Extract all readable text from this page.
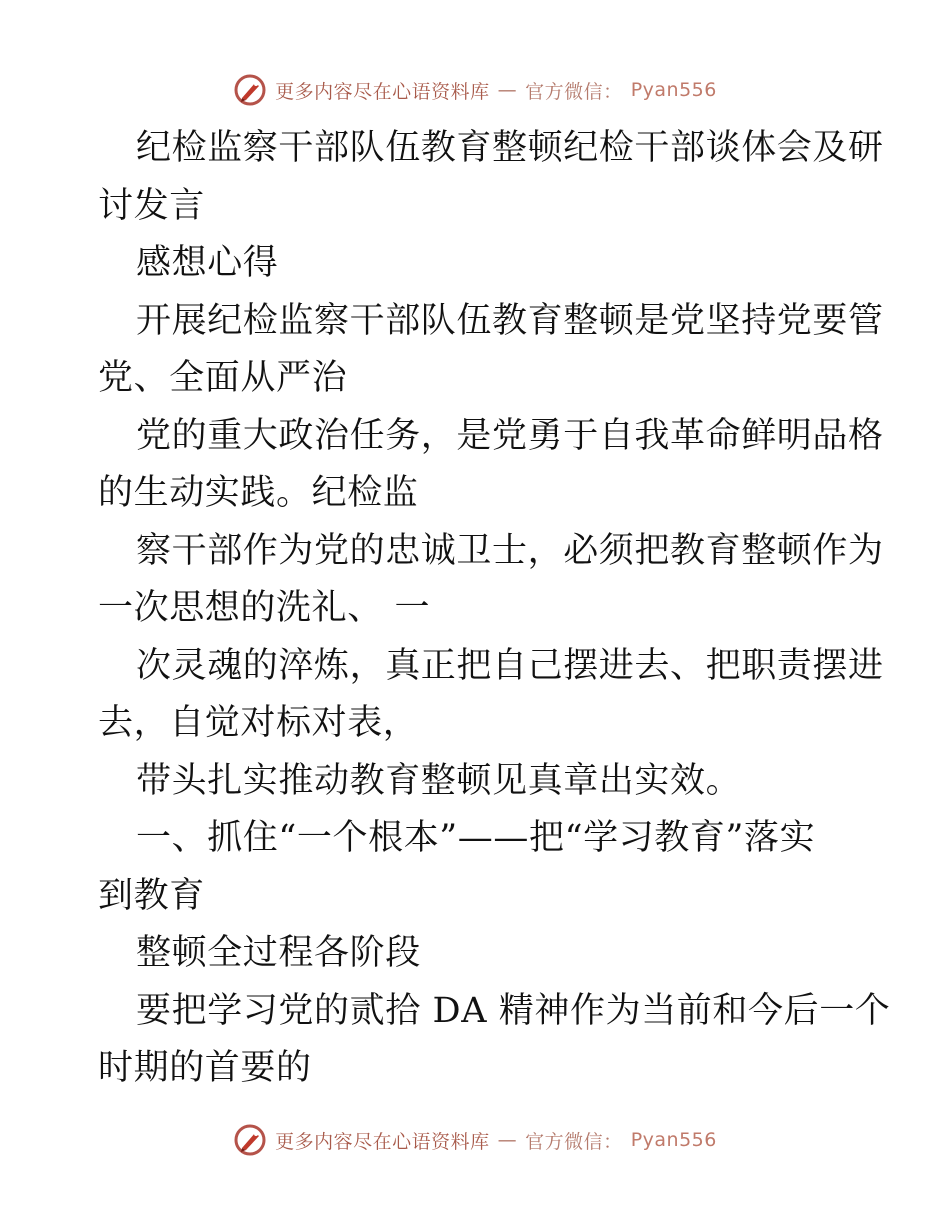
更多内容尽在心语资料库 — 官方微信： Pyan556
纪检监察干部队伍教育整顿纪检干部谈体会及研
讨发言
感想心得
开展纪检监察干部队伍教育整顿是党坚持党要管
党、全面从严治
党的重大政治任务，是党勇于自我革命鲜明品格
的生动实践。纪检监
察干部作为党的忠诚卫士，必须把教育整顿作为
一次思想的洗礼、 一
次灵魂的淬炼，真正把自己摆进去、把职责摆进
去，自觉对标对表，
带头扎实推动教育整顿见真章出实效。
一、抓住“一个根本”——把“学习教育”落实
到教育
整顿全过程各阶段
要把学习党的贰拾 DA 精神作为当前和今后一个
时期的首要的
更多内容尽在心语资料库 — 官方微信： Pyan556
